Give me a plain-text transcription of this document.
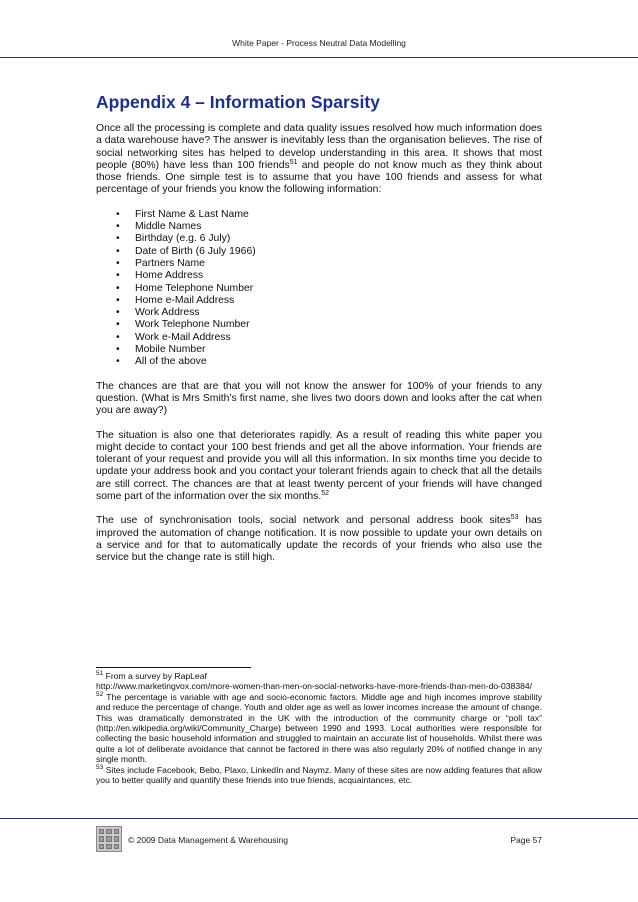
White Paper - Process Neutral Data Modelling
Appendix 4 – Information Sparsity

Once all the processing is complete and data quality issues resolved how much information does a data warehouse have? The answer is inevitably less than the organisation believes. The rise of social networking sites has helped to develop understanding in this area. It shows that most people (80%) have less than 100 friends$^{51}$ and people do not know much as they think about those friends. One simple test is to assume that you have 100 friends and assess for what percentage of your friends you know the following information:

• First Name & Last Name
• Middle Names
• Birthday (e.g. 6 July)
• Date of Birth (6 July 1966)
• Partners Name
• Home Address
• Home Telephone Number
• Home e-Mail Address
• Work Address
• Work Telephone Number
• Work e-Mail Address
• Mobile Number
• All of the above

The chances are that are that you will not know the answer for 100% of your friends to any question. (What is Mrs Smith’s first name, she lives two doors down and looks after the cat when you are away?)

The situation is also one that deteriorates rapidly. As a result of reading this white paper you might decide to contact your 100 best friends and get all the above information. Your friends are tolerant of your request and provide you will all this information. In six months time you decide to update your address book and you contact your tolerant friends again to check that all the details are still correct. The chances are that at least twenty percent of your friends will have changed some part of the information over the six months.$^{52}$

The use of synchronisation tools, social network and personal address book sites$^{53}$ has improved the automation of change notification. It is now possible to update your own details on a service and for that to automatically update the records of your friends who also use the service but the change rate is still high.

$^{51}$ From a survey by RapLeaf

http://www.marketingvox.com/more-women-than-men-on-social-networks-have-more-friends-than-men-do-038384/

$^{52}$ The percentage is variable with age and socio-economic factors. Middle age and high incomes improve stability and reduce the percentage of change. Youth and older age as well as lower incomes increase the amount of change. This was dramatically demonstrated in the UK with the introduction of the community charge or “poll tax” (http://en.wikipedia.org/wiki/Community_Charge) between 1990 and 1993. Local authorities were responsible for collecting the basic household information and struggled to maintain an accurate list of households. Whilst there was quite a lot of deliberate avoidance that cannot be factored in there was also regularly 20% of notified change in any single month.

$^{53}$ Sites include Facebook, Bebo, Plaxo, LinkedIn and Naymz. Many of these sites are now adding features that allow you to better qualify and quantify these friends into true friends, acquaintances, etc.

© 2009 Data Management & Warehousing	Page 57
